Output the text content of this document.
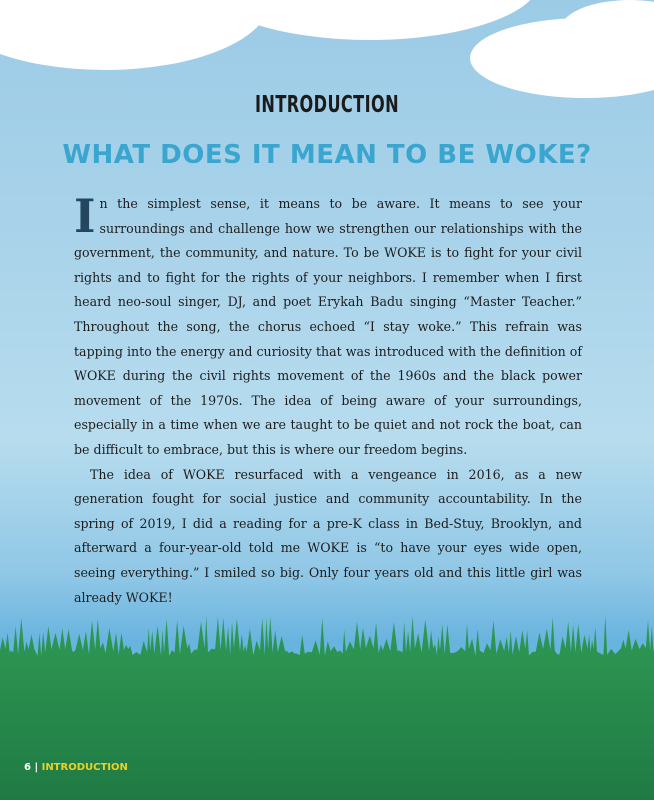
INTRODUCTION
WHAT DOES IT MEAN TO BE WOKE?

In the simplest sense, it means to be aware. It means to see your surroundings and challenge how we strengthen our relationships with the government, the community, and nature. To be WOKE is to fight for your civil rights and to fight for the rights of your neighbors. I remember when I first heard neo-soul singer, DJ, and poet Erykah Badu singing “Master Teacher.” Throughout the song, the chorus echoed “I stay woke.” This refrain was tapping into the energy and curiosity that was introduced with the definition of WOKE during the civil rights movement of the 1960s and the black power movement of the 1970s. The idea of being aware of your surroundings, especially in a time when we are taught to be quiet and not rock the boat, can be difficult to embrace, but this is where our freedom begins.

The idea of WOKE resurfaced with a vengeance in 2016, as a new generation fought for social justice and community accountability. In the spring of 2019, I did a reading for a pre-K class in Bed-Stuy, Brooklyn, and afterward a four-year-old told me WOKE is “to have your eyes wide open, seeing everything.” I smiled so big. Only four years old and this little girl was already WOKE!

6 | INTRODUCTION
